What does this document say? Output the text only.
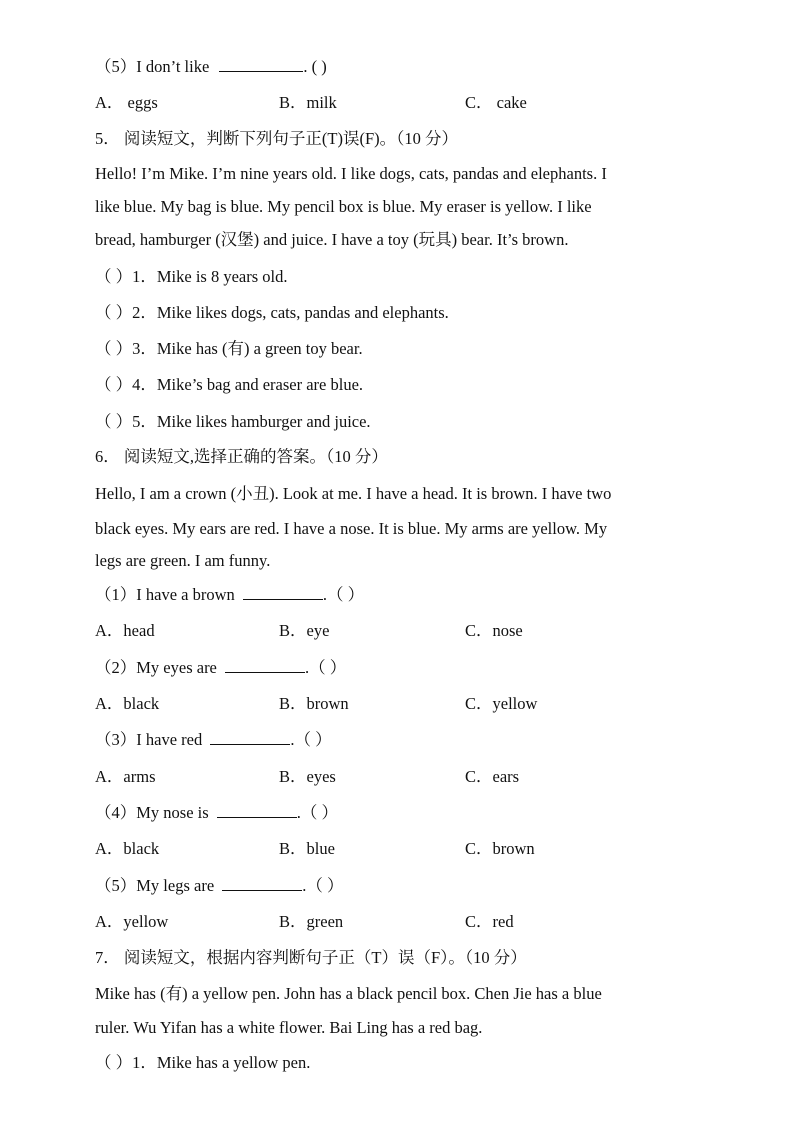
（5）I don’t like	. ( )
A． eggs	B．milk	C． cake
5． 阅读短文，判断下列句子正(T)误(F)。（10 分）
Hello! I’m Mike. I’m nine years old. I like dogs, cats, pandas and elephants. I
like blue. My bag is blue. My pencil box is blue. My eraser is yellow. I like
bread, hamburger (汉堡) and juice. I have a toy (玩具) bear. It’s brown.
（ ）1．Mike is 8 years old.
（ ）2．Mike likes dogs, cats, pandas and elephants.
（ ）3．Mike has (有) a green toy bear.
（ ）4．Mike’s bag and eraser are blue.
（ ）5．Mike likes hamburger and juice.
6． 阅读短文,选择正确的答案。（10 分）
Hello, I am a crown (小丑). Look at me. I have a head. It is brown. I have two
black eyes. My ears are red. I have a nose. It is blue. My arms are yellow. My
legs are green. I am funny.
（1）I have a brown	.（ ）
A．head	B．eye	C．nose
（2）My eyes are	.（ ）
A．black	B．brown	C．yellow
（3）I have red	.（ ）
A．arms	B．eyes	C．ears
（4）My nose is	.（ ）
A．black	B．blue	C．brown
（5）My legs are	.（ ）
A．yellow	B．green	C．red
7． 阅读短文，根据内容判断句子正（T）误（F）。（10 分）
Mike has (有) a yellow pen. John has a black pencil box. Chen Jie has a blue
ruler. Wu Yifan has a white flower. Bai Ling has a red bag.
（ ）1．Mike has a yellow pen.
